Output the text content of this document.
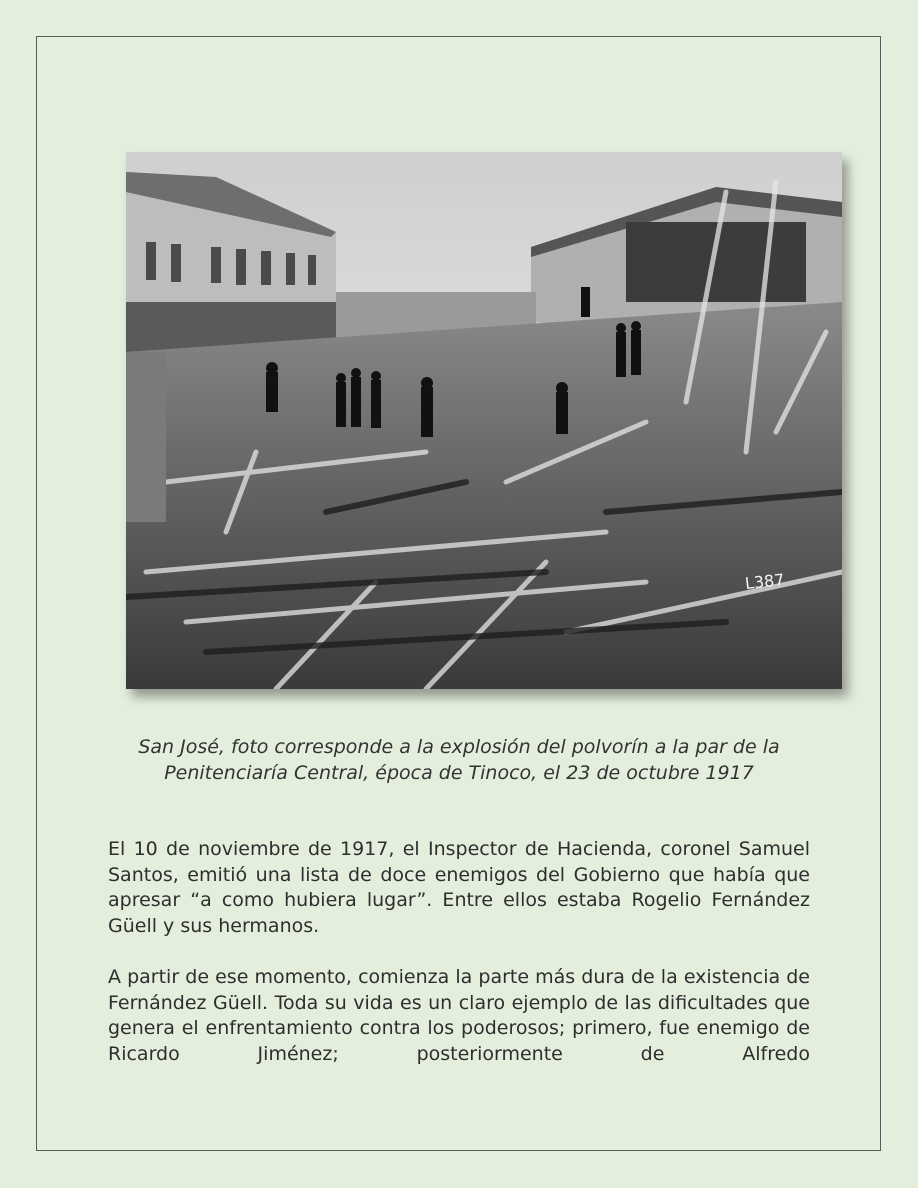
L387

San José, foto corresponde a la explosión del polvorín a la par de la Penitenciaría Central, época de Tinoco, el 23 de octubre 1917

El 10 de noviembre de 1917, el Inspector de Hacienda, coronel Samuel Santos, emitió una lista de doce enemigos del Gobierno que había que apresar “a como hubiera lugar”. Entre ellos estaba Rogelio Fernández Güell y sus hermanos.

A partir de ese momento, comienza la parte más dura de la existencia de Fernández Güell. Toda su vida es un claro ejemplo de las dificultades que genera el enfrentamiento contra los poderosos; primero, fue enemigo de Ricardo Jiménez; posteriormente de Alfredo
